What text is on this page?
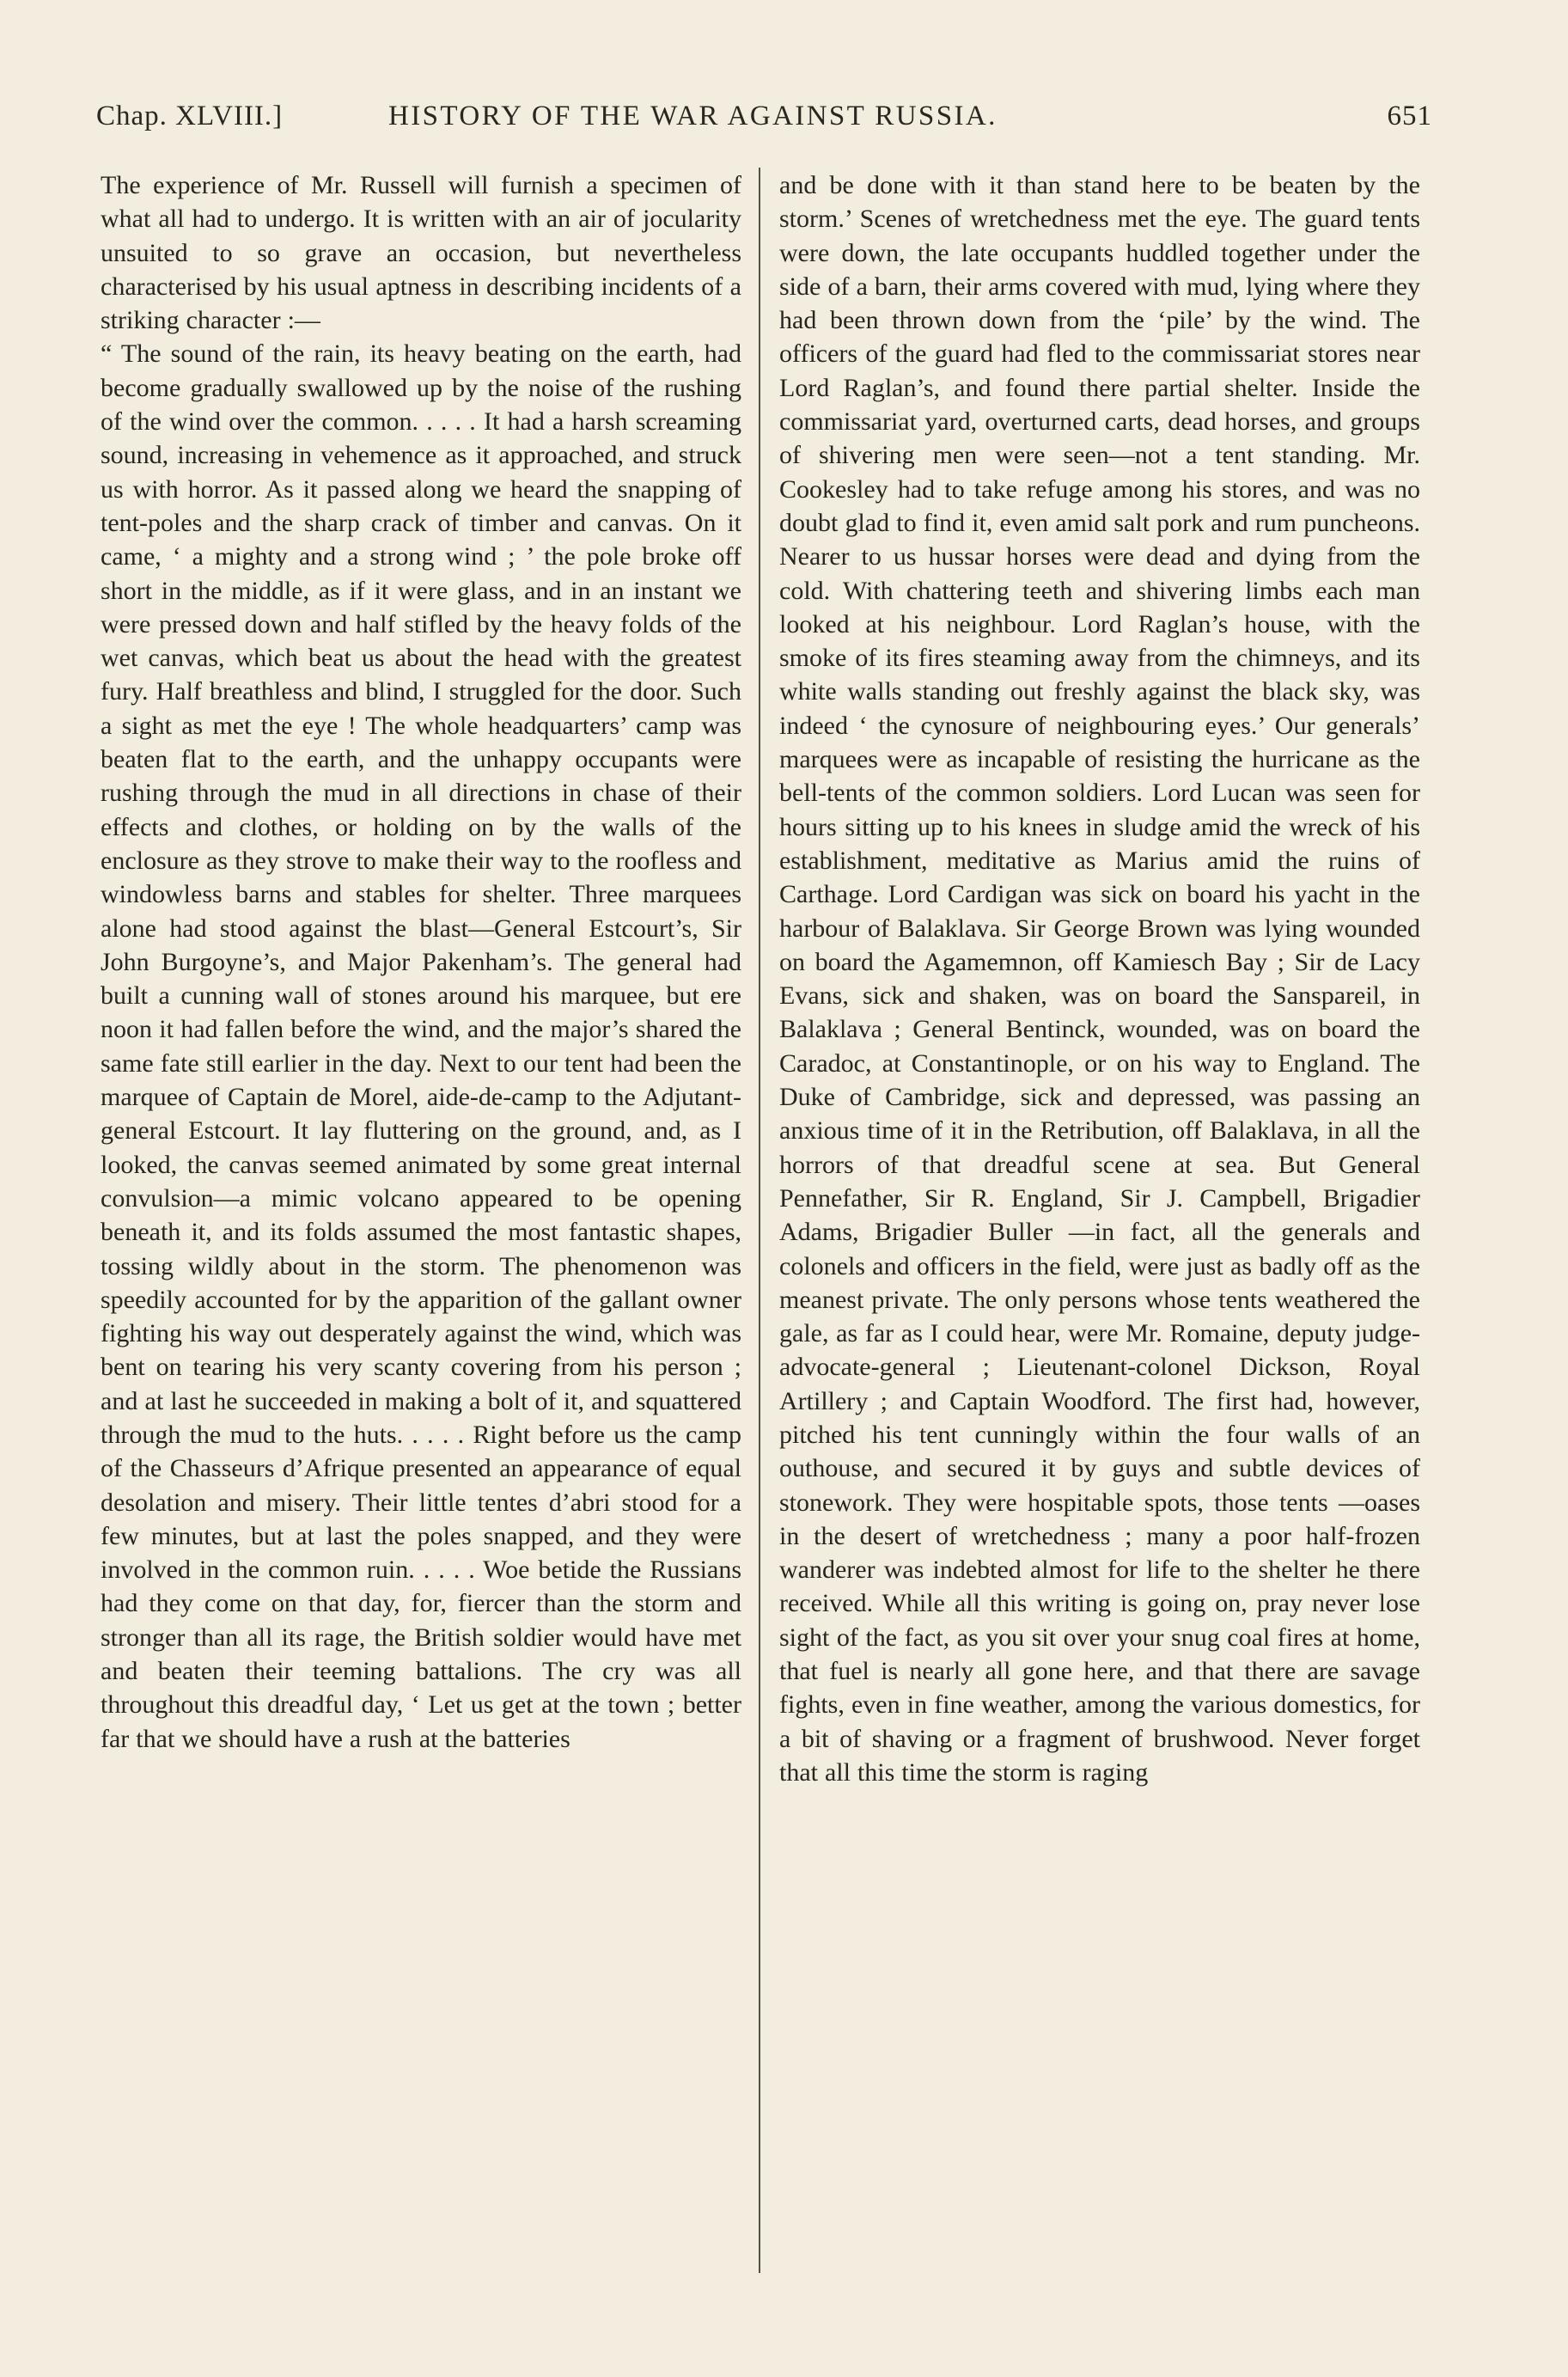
Chap. XLVIII.]	HISTORY OF THE WAR AGAINST RUSSIA.	651

The experience of Mr. Russell will furnish a specimen of what all had to undergo. It is written with an air of jocularity unsuited to so grave an occasion, but nevertheless characterised by his usual aptness in describing incidents of a striking character :—

“ The sound of the rain, its heavy beating on the earth, had become gradually swallowed up by the noise of the rushing of the wind over the common. . . . . It had a harsh screaming sound, increasing in vehemence as it approached, and struck us with horror. As it passed along we heard the snapping of tent-poles and the sharp crack of timber and canvas. On it came, ‘ a mighty and a strong wind ; ’ the pole broke off short in the middle, as if it were glass, and in an instant we were pressed down and half stifled by the heavy folds of the wet canvas, which beat us about the head with the greatest fury. Half breathless and blind, I struggled for the door. Such a sight as met the eye ! The whole headquarters’ camp was beaten flat to the earth, and the unhappy occupants were rushing through the mud in all directions in chase of their effects and clothes, or holding on by the walls of the enclosure as they strove to make their way to the roofless and windowless barns and stables for shelter. Three marquees alone had stood against the blast—General Estcourt’s, Sir John Burgoyne’s, and Major Pakenham’s. The general had built a cunning wall of stones around his marquee, but ere noon it had fallen before the wind, and the major’s shared the same fate still earlier in the day. Next to our tent had been the marquee of Captain de Morel, aide-de-camp to the Adjutant-general Estcourt. It lay fluttering on the ground, and, as I looked, the canvas seemed animated by some great internal convulsion—a mimic volcano appeared to be opening beneath it, and its folds assumed the most fantastic shapes, tossing wildly about in the storm. The phenomenon was speedily accounted for by the apparition of the gallant owner fighting his way out desperately against the wind, which was bent on tearing his very scanty covering from his person ; and at last he succeeded in making a bolt of it, and squattered through the mud to the huts. . . . . Right before us the camp of the Chasseurs d’Afrique presented an appearance of equal desolation and misery. Their little tentes d’abri stood for a few minutes, but at last the poles snapped, and they were involved in the common ruin. . . . . Woe betide the Russians had they come on that day, for, fiercer than the storm and stronger than all its rage, the British soldier would have met and beaten their teeming battalions. The cry was all throughout this dreadful day, ‘ Let us get at the town ; better far that we should have a rush at the batteries

and be done with it than stand here to be beaten by the storm.’ Scenes of wretchedness met the eye. The guard tents were down, the late occupants huddled together under the side of a barn, their arms covered with mud, lying where they had been thrown down from the ‘pile’ by the wind. The officers of the guard had fled to the commissariat stores near Lord Raglan’s, and found there partial shelter. Inside the commissariat yard, overturned carts, dead horses, and groups of shivering men were seen—not a tent standing. Mr. Cookesley had to take refuge among his stores, and was no doubt glad to find it, even amid salt pork and rum puncheons. Nearer to us hussar horses were dead and dying from the cold. With chattering teeth and shivering limbs each man looked at his neighbour. Lord Raglan’s house, with the smoke of its fires steaming away from the chimneys, and its white walls standing out freshly against the black sky, was indeed ‘ the cynosure of neighbouring eyes.’ Our generals’ marquees were as incapable of resisting the hurricane as the bell-tents of the common soldiers. Lord Lucan was seen for hours sitting up to his knees in sludge amid the wreck of his establishment, meditative as Marius amid the ruins of Carthage. Lord Cardigan was sick on board his yacht in the harbour of Balaklava. Sir George Brown was lying wounded on board the Agamemnon, off Kamiesch Bay ; Sir de Lacy Evans, sick and shaken, was on board the Sanspareil, in Balaklava ; General Bentinck, wounded, was on board the Caradoc, at Constantinople, or on his way to England. The Duke of Cambridge, sick and depressed, was passing an anxious time of it in the Retribution, off Balaklava, in all the horrors of that dreadful scene at sea. But General Pennefather, Sir R. England, Sir J. Campbell, Brigadier Adams, Brigadier Buller —in fact, all the generals and colonels and officers in the field, were just as badly off as the meanest private. The only persons whose tents weathered the gale, as far as I could hear, were Mr. Romaine, deputy judge-advocate-general ; Lieutenant-colonel Dickson, Royal Artillery ; and Captain Woodford. The first had, however, pitched his tent cunningly within the four walls of an outhouse, and secured it by guys and subtle devices of stonework. They were hospitable spots, those tents —oases in the desert of wretchedness ; many a poor half-frozen wanderer was indebted almost for life to the shelter he there received. While all this writing is going on, pray never lose sight of the fact, as you sit over your snug coal fires at home, that fuel is nearly all gone here, and that there are savage fights, even in fine weather, among the various domestics, for a bit of shaving or a fragment of brushwood. Never forget that all this time the storm is raging
